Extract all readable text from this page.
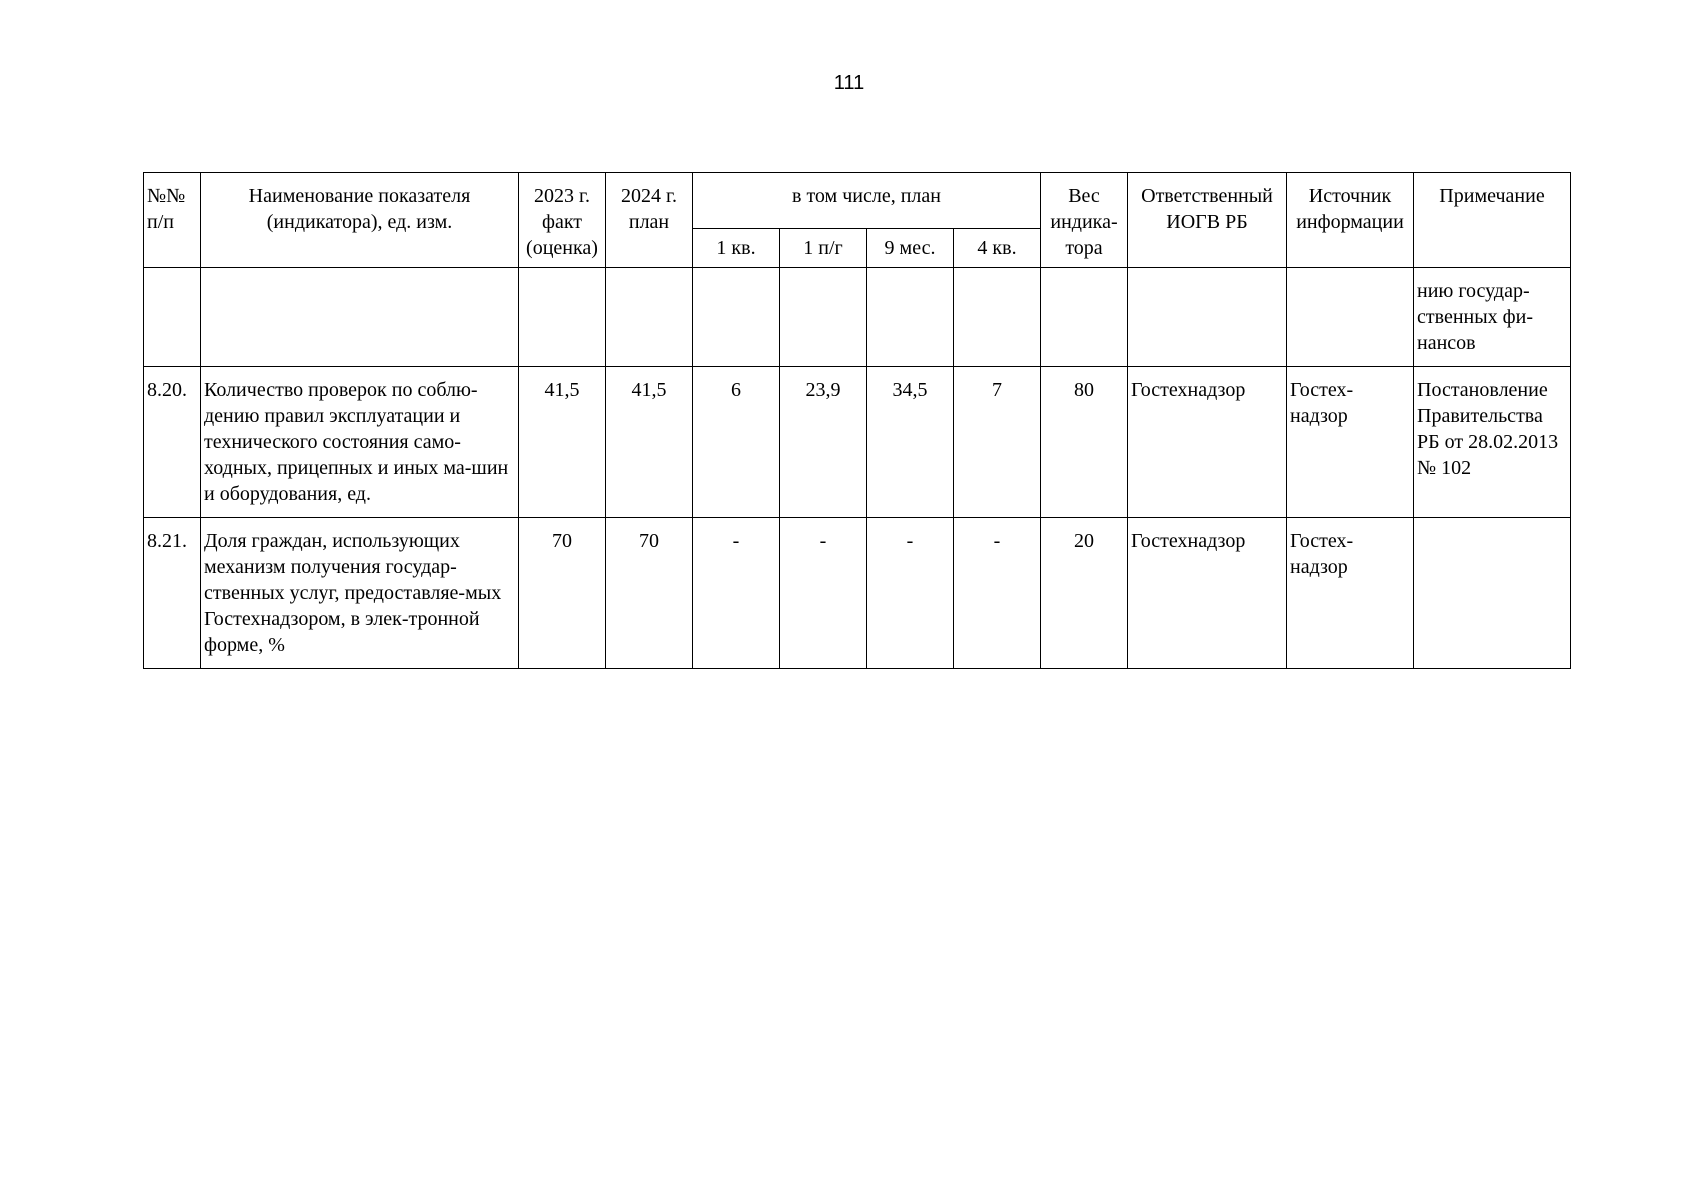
111
№№ п/п	Наименование показателя (индикатора), ед. изм.	2023 г. факт (оценка)	2024 г. план	в том числе, план				Вес индика-тора	Ответственный ИОГВ РБ	Источник информации	Примечание
				1 кв.	1 п/г	9 мес.	4 кв.				
											нию государ-ственных фи-нансов
8.20.	Количество проверок по соблю-дению правил эксплуатации и технического состояния само-ходных, прицепных и иных ма-шин и оборудования, ед.	41,5	41,5	6	23,9	34,5	7	80	Гостехнадзор	Гостех-надзор	Постановление Правительства РБ от 28.02.2013 № 102
8.21.	Доля граждан, использующих механизм получения государ-ственных услуг, предоставляе-мых Гостехнадзором, в элек-тронной форме, %	70	70	-	-	-	-	20	Гостехнадзор	Гостех-надзор	
